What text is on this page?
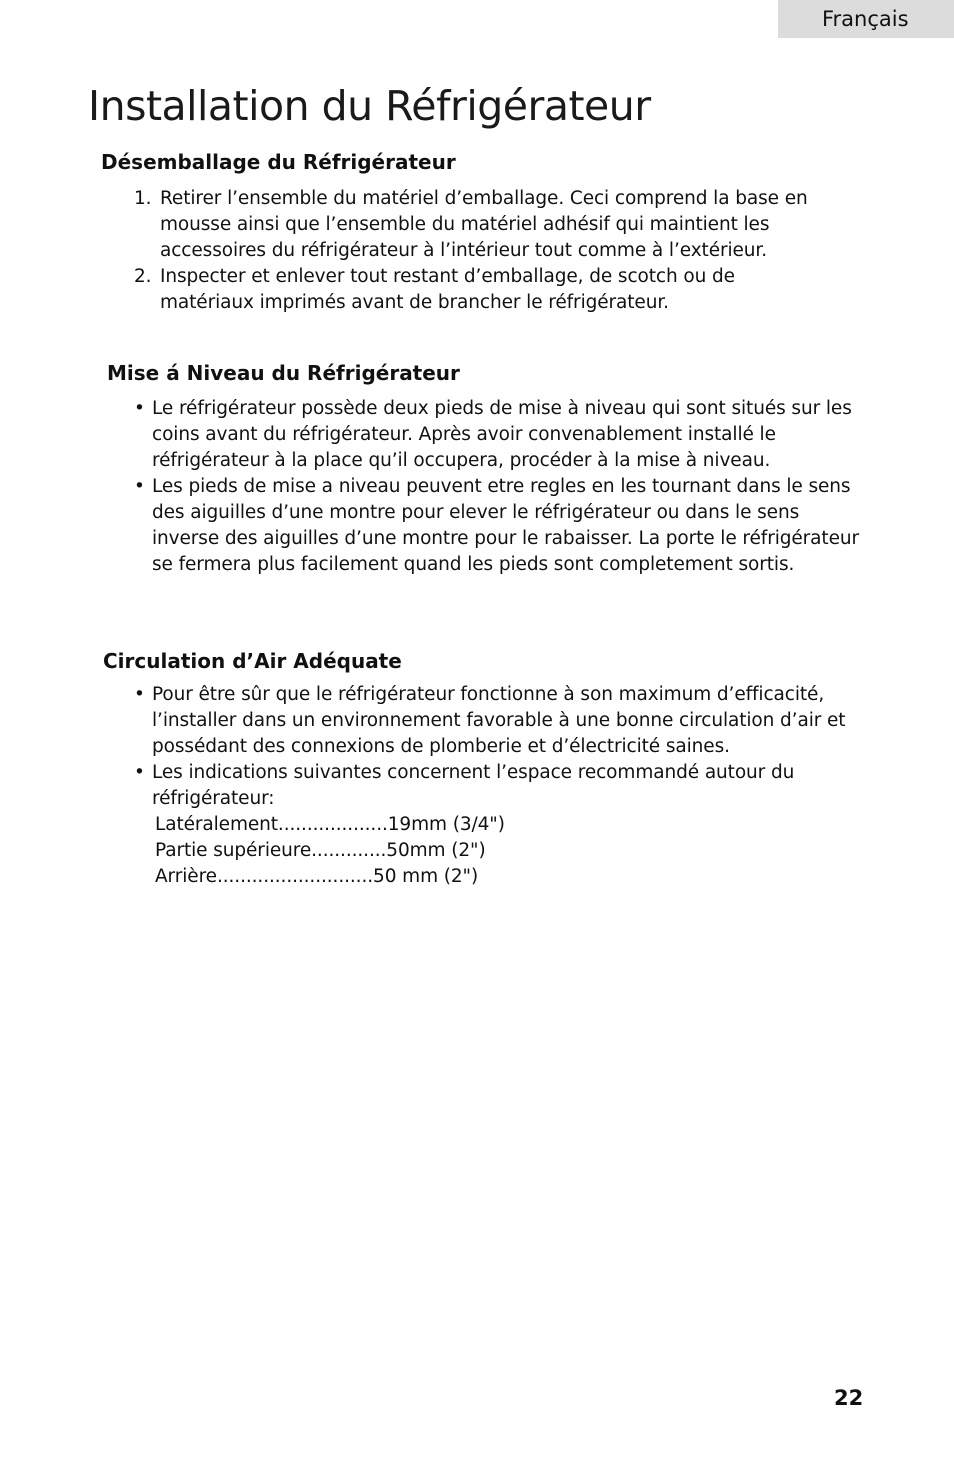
Français
Installation du Réfrigérateur
Désemballage du Réfrigérateur
1. Retirer l’ensemble du matériel d’emballage. Ceci comprend la base en mousse ainsi que l’ensemble du matériel adhésif qui maintient les accessoires du réfrigérateur à l’intérieur tout comme à l’extérieur.
2. Inspecter et enlever tout restant d’emballage, de scotch ou de matériaux imprimés avant de brancher le réfrigérateur.
Mise á Niveau du Réfrigérateur
• Le réfrigérateur possède deux pieds de mise à niveau qui sont situés sur les coins avant du réfrigérateur. Après avoir convenablement installé le réfrigérateur à la place qu’il occupera, procéder à la mise à niveau.
• Les pieds de mise a niveau peuvent etre regles en les tournant dans le sens des aiguilles d’une montre pour elever le réfrigérateur ou dans le sens inverse des aiguilles d’une montre pour le rabaisser. La porte le réfrigérateur se fermera plus facilement quand les pieds sont completement sortis.
Circulation d’Air Adéquate
• Pour être sûr que le réfrigérateur fonctionne à son maximum d’efficacité, l’installer dans un environnement favorable à une bonne circulation d’air et possédant des connexions de plomberie et d’électricité saines.
• Les indications suivantes concernent l’espace recommandé autour du réfrigérateur:
Latéralement...................19mm (3/4")
Partie supérieure.............50mm (2")
Arrière...........................50 mm (2")
22
